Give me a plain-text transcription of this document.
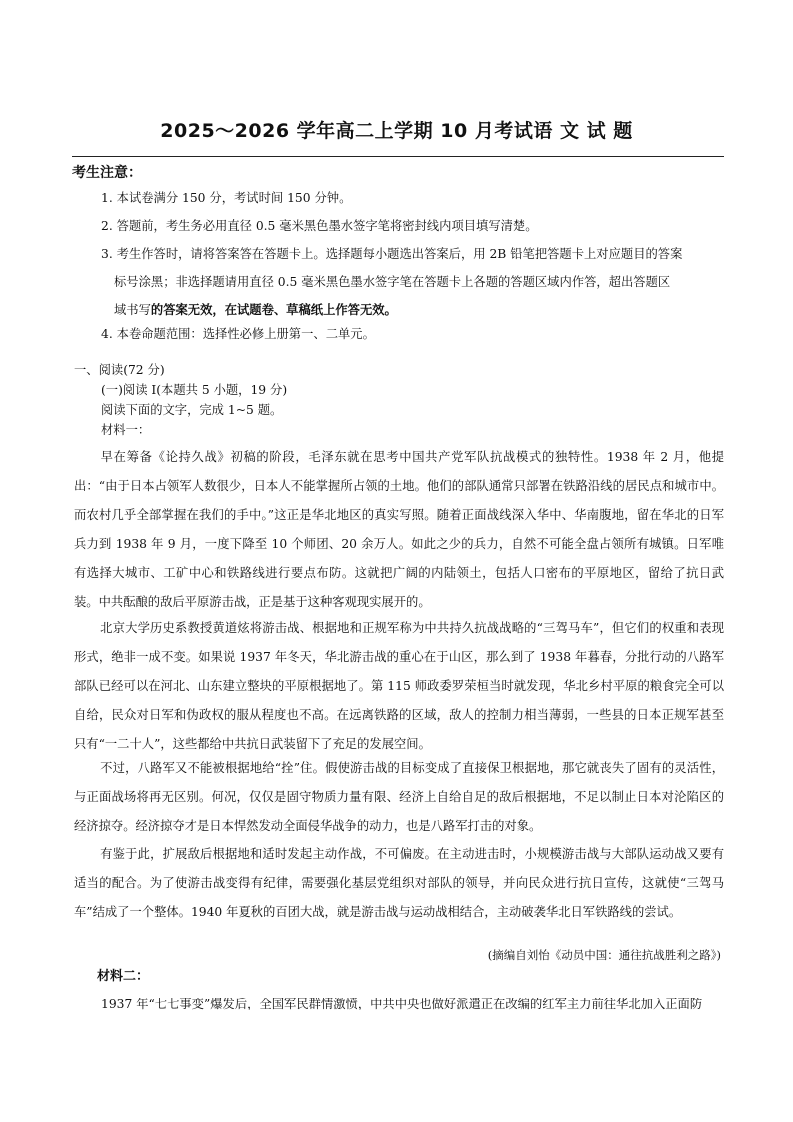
2025～2026 学年高二上学期 10 月考试语 文 试 题
考生注意：
1. 本试卷满分 150 分，考试时间 150 分钟。
2. 答题前，考生务必用直径 0.5 毫米黑色墨水签字笔将密封线内项目填写清楚。
3. 考生作答时，请将答案答在答题卡上。选择题每小题选出答案后，用 2B 铅笔把答题卡上对应题目的答案
标号涂黑；非选择题请用直径 0.5 毫米黑色墨水签字笔在答题卡上各题的答题区域内作答，超出答题区
域书写的答案无效，在试题卷、草稿纸上作答无效。
4. 本卷命题范围：选择性必修上册第一、二单元。
一、阅读(72 分)
(一)阅读 Ⅰ(本题共 5 小题，19 分)
阅读下面的文字，完成 1~5 题。
材料一：

早在筹备《论持久战》初稿的阶段，毛泽东就在思考中国共产党军队抗战模式的独特性。1938 年 2 月，他提出：“由于日本占领军人数很少，日本人不能掌握所占领的土地。他们的部队通常只部署在铁路沿线的居民点和城市中。而农村几乎全部掌握在我们的手中。”这正是华北地区的真实写照。随着正面战线深入华中、华南腹地，留在华北的日军兵力到 1938 年 9 月，一度下降至 10 个师团、20 余万人。如此之少的兵力，自然不可能全盘占领所有城镇。日军唯有选择大城市、工矿中心和铁路线进行要点布防。这就把广阔的内陆领土，包括人口密布的平原地区，留给了抗日武装。中共酝酿的敌后平原游击战，正是基于这种客观现实展开的。

北京大学历史系教授黄道炫将游击战、根据地和正规军称为中共持久抗战战略的“三驾马车”，但它们的权重和表现形式，绝非一成不变。如果说 1937 年冬天，华北游击战的重心在于山区，那么到了 1938 年暮春，分批行动的八路军部队已经可以在河北、山东建立整块的平原根据地了。第 115 师政委罗荣桓当时就发现，华北乡村平原的粮食完全可以自给，民众对日军和伪政权的服从程度也不高。在远离铁路的区域，敌人的控制力相当薄弱，一些县的日本正规军甚至只有“一二十人”，这些都给中共抗日武装留下了充足的发展空间。

不过，八路军又不能被根据地给“拴”住。假使游击战的目标变成了直接保卫根据地，那它就丧失了固有的灵活性，与正面战场将再无区别。何况，仅仅是固守物质力量有限、经济上自给自足的敌后根据地，不足以制止日本对沦陷区的经济掠夺。经济掠夺才是日本悍然发动全面侵华战争的动力，也是八路军打击的对象。

有鉴于此，扩展敌后根据地和适时发起主动作战，不可偏废。在主动进击时，小规模游击战与大部队运动战又要有适当的配合。为了使游击战变得有纪律，需要强化基层党组织对部队的领导，并向民众进行抗日宣传，这就使“三驾马车”结成了一个整体。1940 年夏秋的百团大战，就是游击战与运动战相结合，主动破袭华北日军铁路线的尝试。

(摘编自刘怡《动员中国：通往抗战胜利之路》)
材料二：
1937 年“七七事变”爆发后，全国军民群情激愤，中共中央也做好派遣正在改编的红军主力前往华北加入正面防
